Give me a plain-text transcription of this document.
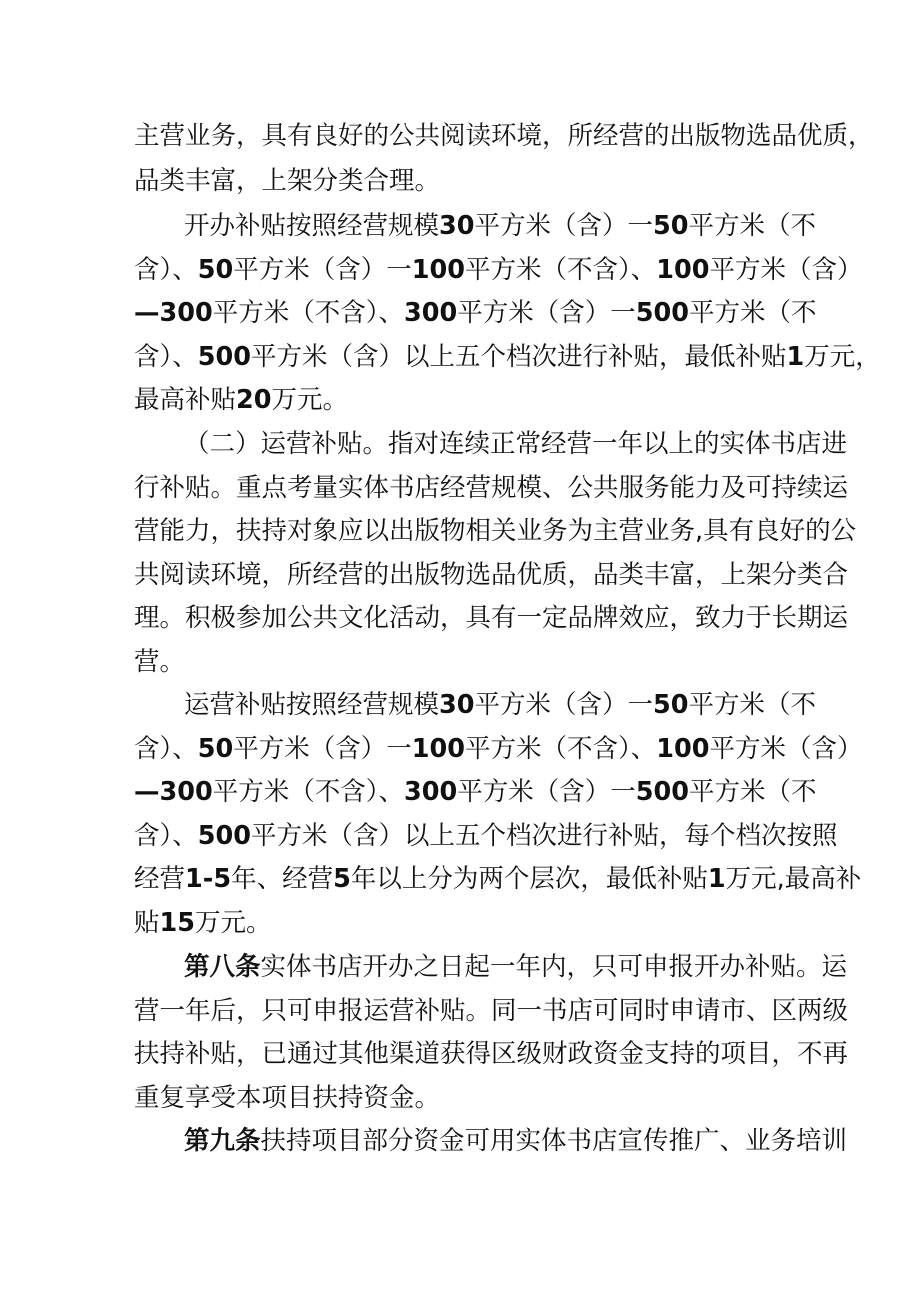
主营业务，具有良好的公共阅读环境，所经营的出版物选品优质，
品类丰富，上架分类合理。
开办补贴按照经营规模30平方米（含）一50平方米（不
含）、50平方米（含）一100平方米（不含）、100平方米（含）
—300平方米（不含）、300平方米（含）一500平方米（不
含）、500平方米（含）以上五个档次进行补贴，最低补贴1万元，
最高补贴20万元。
（二）运营补贴。指对连续正常经营一年以上的实体书店进
行补贴。重点考量实体书店经营规模、公共服务能力及可持续运
营能力，扶持对象应以出版物相关业务为主营业务,具有良好的公
共阅读环境，所经营的出版物选品优质，品类丰富，上架分类合
理。积极参加公共文化活动，具有一定品牌效应，致力于长期运
营。
运营补贴按照经营规模30平方米（含）一50平方米（不
含）、50平方米（含）一100平方米（不含）、100平方米（含）
—300平方米（不含）、300平方米（含）一500平方米（不
含）、500平方米（含）以上五个档次进行补贴，每个档次按照
经营1-5年、经营5年以上分为两个层次，最低补贴1万元,最高补
贴15万元。
第八条实体书店开办之日起一年内，只可申报开办补贴。运
营一年后，只可申报运营补贴。同一书店可同时申请市、区两级
扶持补贴，已通过其他渠道获得区级财政资金支持的项目，不再
重复享受本项目扶持资金。
第九条扶持项目部分资金可用实体书店宣传推广、业务培训
